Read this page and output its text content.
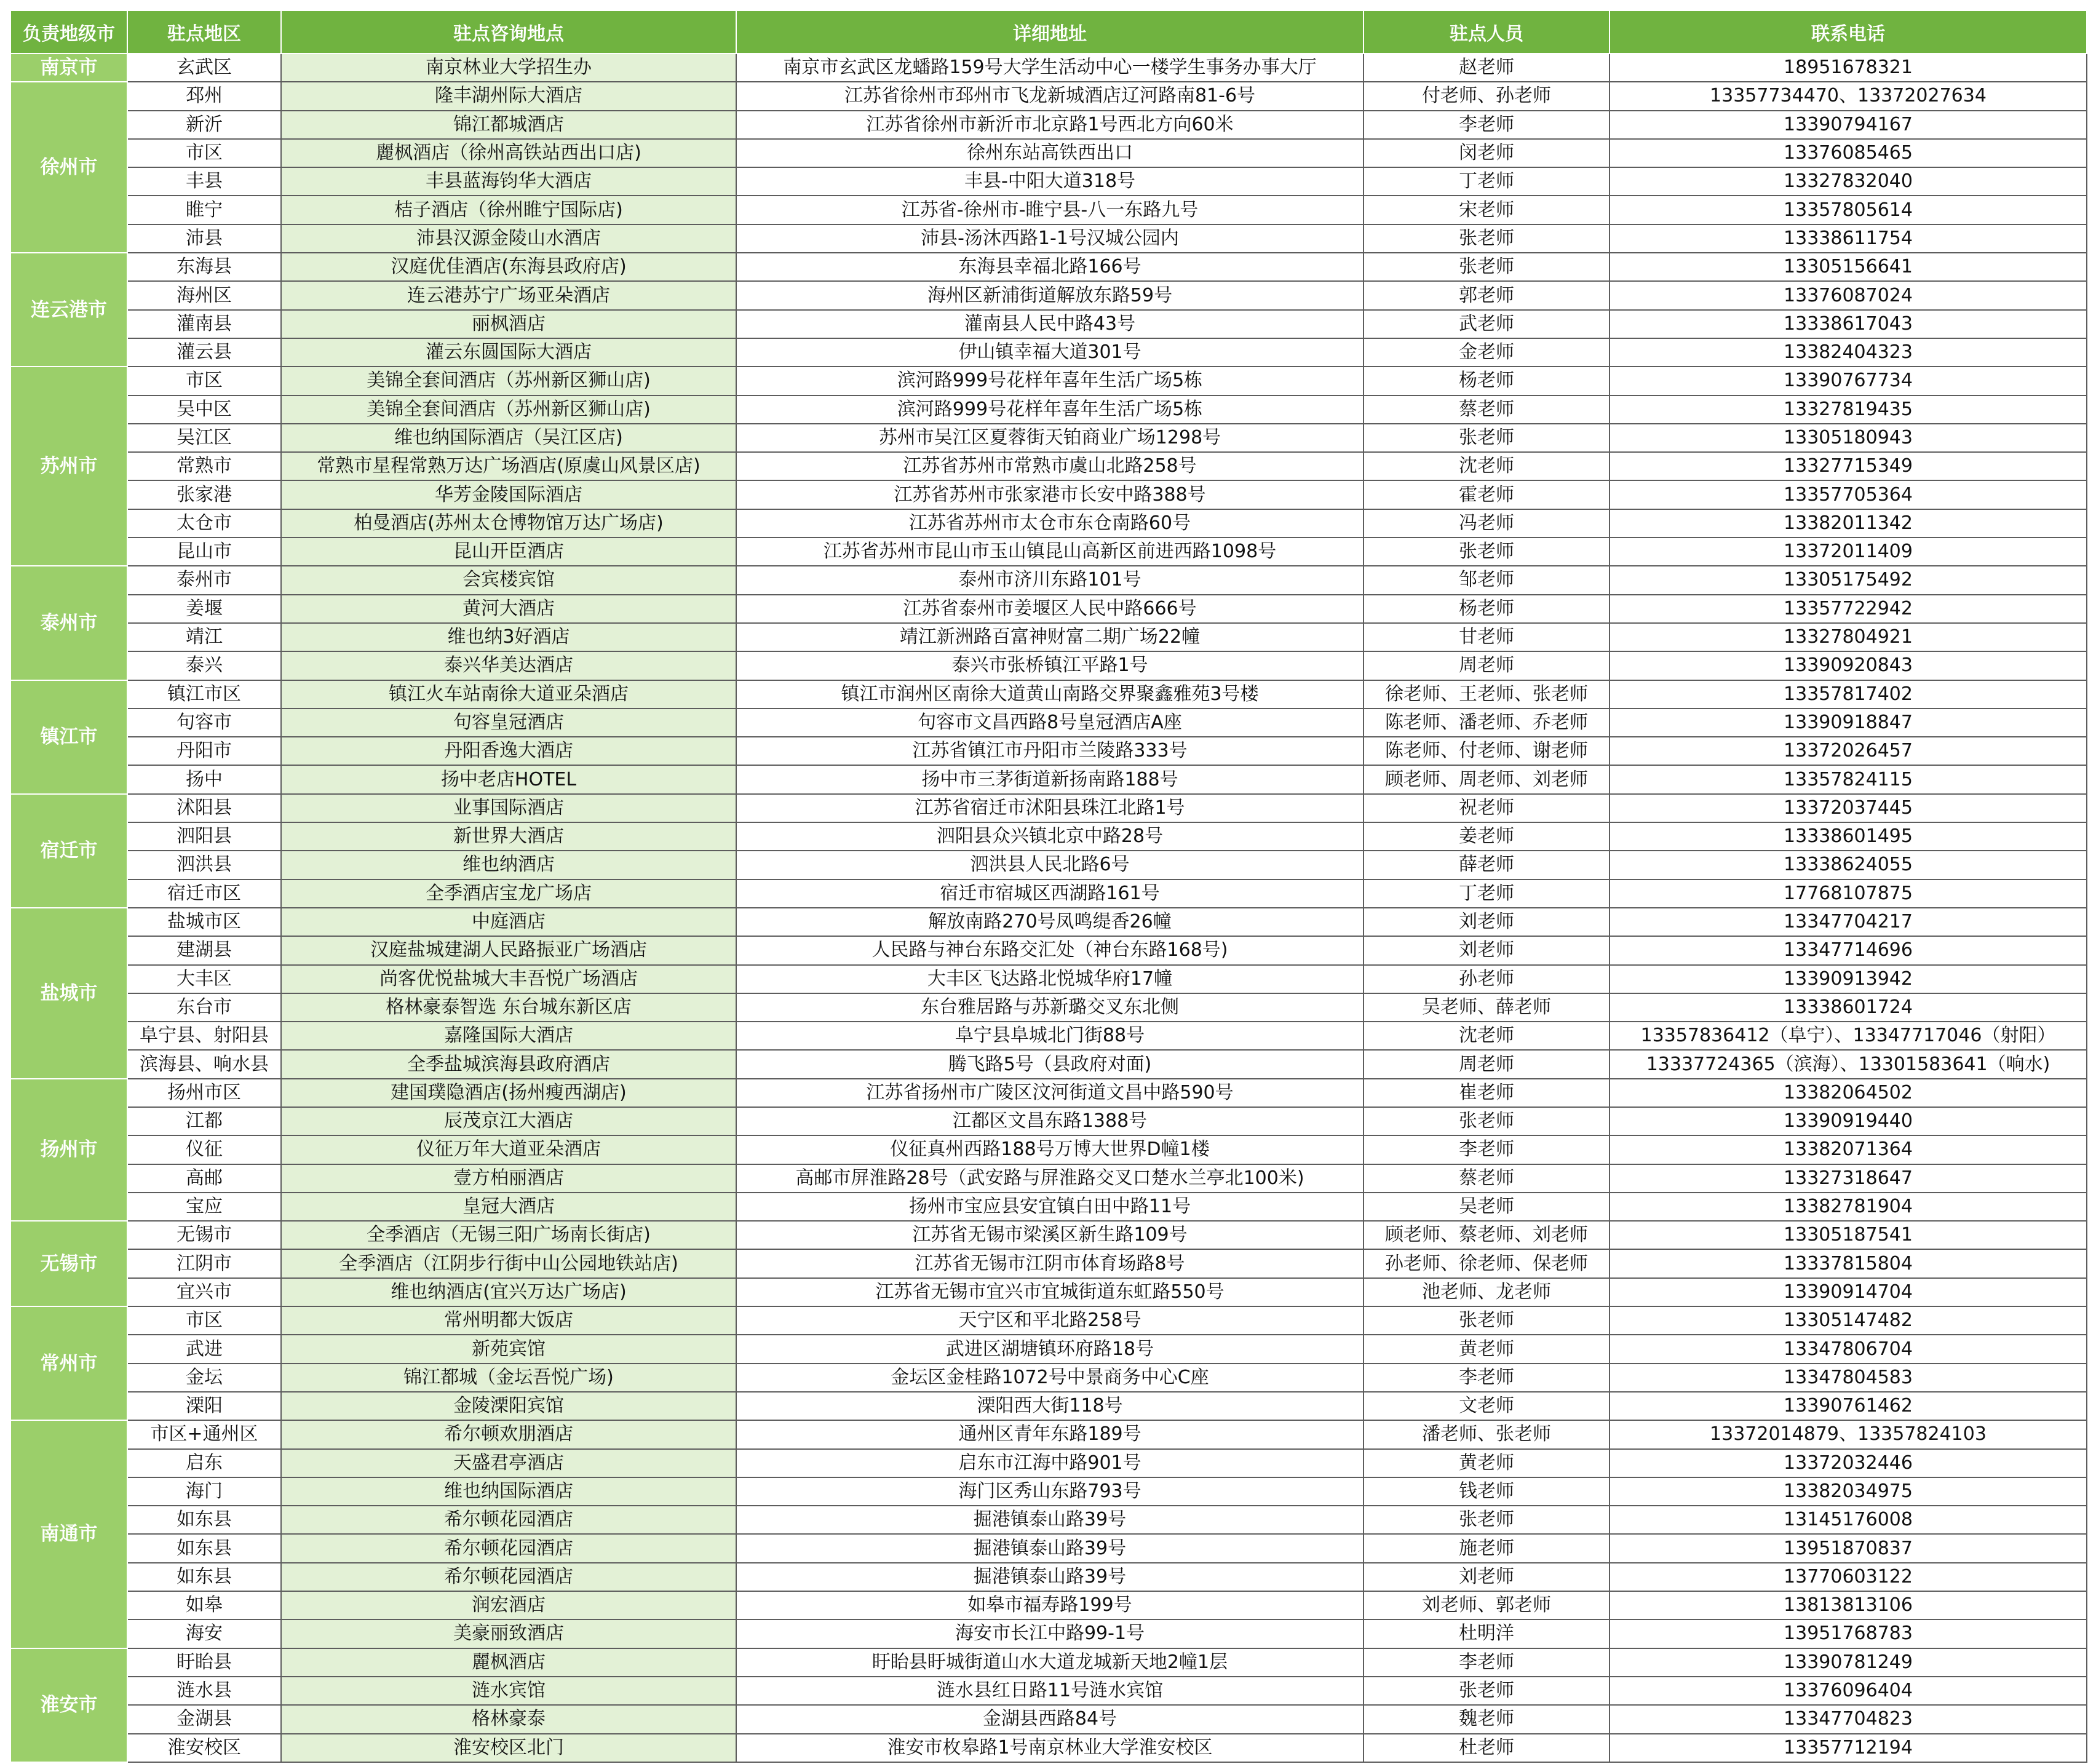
负责地级市	驻点地区	驻点咨询地点	详细地址	驻点人员	联系电话
南京市	玄武区	南京林业大学招生办	南京市玄武区龙蟠路159号大学生活动中心一楼学生事务办事大厅	赵老师	18951678321
徐州市	邳州	隆丰湖州际大酒店	江苏省徐州市邳州市飞龙新城酒店辽河路南81-6号	付老师、孙老师	13357734470、13372027634
	新沂	锦江都城酒店	江苏省徐州市新沂市北京路1号西北方向60米	李老师	13390794167
	市区	麗枫酒店（徐州高铁站西出口店)	徐州东站高铁西出口	闵老师	13376085465
	丰县	丰县蓝海钧华大酒店	丰县-中阳大道318号	丁老师	13327832040
	睢宁	桔子酒店（徐州睢宁国际店)	江苏省-徐州市-睢宁县-八一东路九号	宋老师	13357805614
	沛县	沛县汉源金陵山水酒店	沛县-汤沐西路1-1号汉城公园内	张老师	13338611754
连云港市	东海县	汉庭优佳酒店(东海县政府店)	东海县幸福北路166号	张老师	13305156641
	海州区	连云港苏宁广场亚朵酒店	海州区新浦街道解放东路59号	郭老师	13376087024
	灌南县	丽枫酒店	灌南县人民中路43号	武老师	13338617043
	灌云县	灌云东圆国际大酒店	伊山镇幸福大道301号	金老师	13382404323
苏州市	市区	美锦全套间酒店（苏州新区狮山店)	滨河路999号花样年喜年生活广场5栋	杨老师	13390767734
	吴中区	美锦全套间酒店（苏州新区狮山店)	滨河路999号花样年喜年生活广场5栋	蔡老师	13327819435
	吴江区	维也纳国际酒店（吴江区店)	苏州市吴江区夏蓉街天铂商业广场1298号	张老师	13305180943
	常熟市	常熟市星程常熟万达广场酒店(原虞山风景区店)	江苏省苏州市常熟市虞山北路258号	沈老师	13327715349
	张家港	华芳金陵国际酒店	江苏省苏州市张家港市长安中路388号	霍老师	13357705364
	太仓市	柏曼酒店(苏州太仓博物馆万达广场店)	江苏省苏州市太仓市东仓南路60号	冯老师	13382011342
	昆山市	昆山开臣酒店	江苏省苏州市昆山市玉山镇昆山高新区前进西路1098号	张老师	13372011409
泰州市	泰州市	会宾楼宾馆	泰州市济川东路101号	邹老师	13305175492
	姜堰	黄河大酒店	江苏省泰州市姜堰区人民中路666号	杨老师	13357722942
	靖江	维也纳3好酒店	靖江新洲路百富神财富二期广场22幢	甘老师	13327804921
	泰兴	泰兴华美达酒店	泰兴市张桥镇江平路1号	周老师	13390920843
镇江市	镇江市区	镇江火车站南徐大道亚朵酒店	镇江市润州区南徐大道黄山南路交界聚鑫雅苑3号楼	徐老师、王老师、张老师	13357817402
	句容市	句容皇冠酒店	句容市文昌西路8号皇冠酒店A座	陈老师、潘老师、乔老师	13390918847
	丹阳市	丹阳香逸大酒店	江苏省镇江市丹阳市兰陵路333号	陈老师、付老师、谢老师	13372026457
	扬中	扬中老店HOTEL	扬中市三茅街道新扬南路188号	顾老师、周老师、刘老师	13357824115
宿迁市	沭阳县	业事国际酒店	江苏省宿迁市沭阳县珠江北路1号	祝老师	13372037445
	泗阳县	新世界大酒店	泗阳县众兴镇北京中路28号	姜老师	13338601495
	泗洪县	维也纳酒店	泗洪县人民北路6号	薛老师	13338624055
	宿迁市区	全季酒店宝龙广场店	宿迁市宿城区西湖路161号	丁老师	17768107875
盐城市	盐城市区	中庭酒店	解放南路270号凤鸣缇香26幢	刘老师	13347704217
	建湖县	汉庭盐城建湖人民路振亚广场酒店	人民路与神台东路交汇处（神台东路168号)	刘老师	13347714696
	大丰区	尚客优悦盐城大丰吾悦广场酒店	大丰区飞达路北悦城华府17幢	孙老师	13390913942
	东台市	格林豪泰智选 东台城东新区店	东台雅居路与苏新璐交叉东北侧	吴老师、薛老师	13338601724
	阜宁县、射阳县	嘉隆国际大酒店	阜宁县阜城北门街88号	沈老师	13357836412（阜宁）、13347717046（射阳）
	滨海县、响水县	全季盐城滨海县政府酒店	腾飞路5号（县政府对面)	周老师	13337724365（滨海）、13301583641（响水)
扬州市	扬州市区	建国璞隐酒店(扬州瘦西湖店)	江苏省扬州市广陵区汶河街道文昌中路590号	崔老师	13382064502
	江都	辰茂京江大酒店	江都区文昌东路1388号	张老师	13390919440
	仪征	仪征万年大道亚朵酒店	仪征真州西路188号万博大世界D幢1楼	李老师	13382071364
	高邮	壹方柏丽酒店	高邮市屏淮路28号（武安路与屏淮路交叉口楚水兰亭北100米)	蔡老师	13327318647
	宝应	皇冠大酒店	扬州市宝应县安宜镇白田中路11号	吴老师	13382781904
无锡市	无锡市	全季酒店（无锡三阳广场南长街店)	江苏省无锡市梁溪区新生路109号	顾老师、蔡老师、刘老师	13305187541
	江阴市	全季酒店（江阴步行街中山公园地铁站店)	江苏省无锡市江阴市体育场路8号	孙老师、徐老师、保老师	13337815804
	宜兴市	维也纳酒店(宜兴万达广场店)	江苏省无锡市宜兴市宜城街道东虹路550号	池老师、龙老师	13390914704
常州市	市区	常州明都大饭店	天宁区和平北路258号	张老师	13305147482
	武进	新苑宾馆	武进区湖塘镇环府路18号	黄老师	13347806704
	金坛	锦江都城（金坛吾悦广场)	金坛区金桂路1072号中景商务中心C座	李老师	13347804583
	溧阳	金陵溧阳宾馆	溧阳西大街118号	文老师	13390761462
南通市	市区+通州区	希尔顿欢朋酒店	通州区青年东路189号	潘老师、张老师	13372014879、13357824103
	启东	天盛君亭酒店	启东市江海中路901号	黄老师	13372032446
	海门	维也纳国际酒店	海门区秀山东路793号	钱老师	13382034975
	如东县	希尔顿花园酒店	掘港镇泰山路39号	张老师	13145176008
	如东县	希尔顿花园酒店	掘港镇泰山路39号	施老师	13951870837
	如东县	希尔顿花园酒店	掘港镇泰山路39号	刘老师	13770603122
	如皋	润宏酒店	如皋市福寿路199号	刘老师、郭老师	13813813106
	海安	美豪丽致酒店	海安市长江中路99-1号	杜明洋	13951768783
淮安市	盱眙县	麗枫酒店	盱眙县盱城街道山水大道龙城新天地2幢1层	李老师	13390781249
	涟水县	涟水宾馆	涟水县红日路11号涟水宾馆	张老师	13376096404
	金湖县	格林豪泰	金湖县西路84号	魏老师	13347704823
	淮安校区	淮安校区北门	淮安市枚皋路1号南京林业大学淮安校区	杜老师	13357712194
